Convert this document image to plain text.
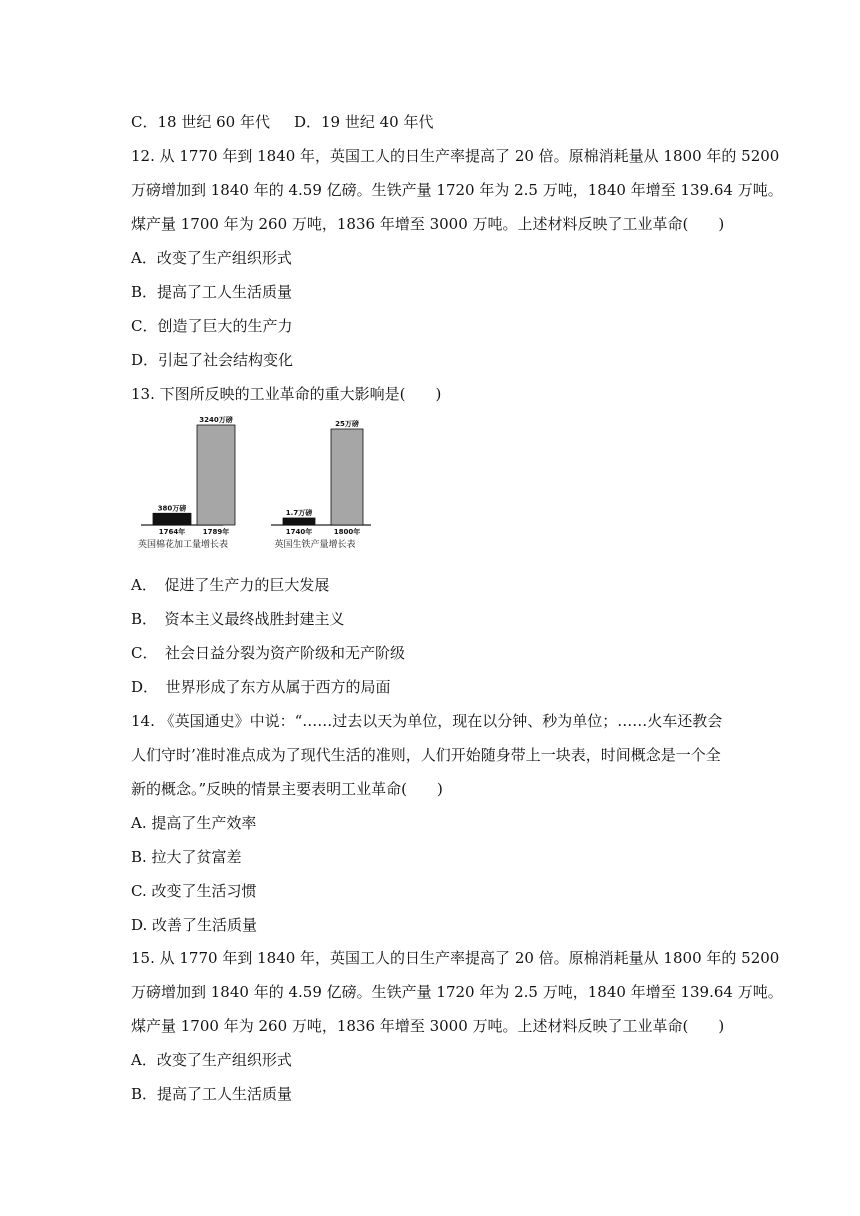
C．18 世纪 60 年代 D．19 世纪 40 年代
12. 从 1770 年到 1840 年，英国工人的日生产率提高了 20 倍。原棉消耗量从 1800 年的 5200
万磅增加到 1840 年的 4.59 亿磅。生铁产量 1720 年为 2.5 万吨，1840 年增至 139.64 万吨。
煤产量 1700 年为 260 万吨，1836 年增至 3000 万吨。上述材料反映了工业革命(　　)
A．改变了生产组织形式
B．提高了工人生活质量
C．创造了巨大的生产力
D．引起了社会结构变化
13. 下图所反映的工业革命的重大影响是(　　)
380万磅
1764年
3240万磅
1789年
英国棉花加工量增长表
1.7万磅
1740年
25万磅
1800年
英国生铁产量增长表
A．　促进了生产力的巨大发展
B．　资本主义最终战胜封建主义
C．　社会日益分裂为资产阶级和无产阶级
D．　世界形成了东方从属于西方的局面
14. 《英国通史》中说：“……过去以天为单位，现在以分钟、秒为单位；……火车还教会
人们守时’准时准点成为了现代生活的准则，人们开始随身带上一块表，时间概念是一个全
新的概念。”反映的情景主要表明工业革命(　　)
A. 提高了生产效率
B. 拉大了贫富差
C. 改变了生活习惯
D. 改善了生活质量
15. 从 1770 年到 1840 年，英国工人的日生产率提高了 20 倍。原棉消耗量从 1800 年的 5200
万磅增加到 1840 年的 4.59 亿磅。生铁产量 1720 年为 2.5 万吨，1840 年增至 139.64 万吨。
煤产量 1700 年为 260 万吨，1836 年增至 3000 万吨。上述材料反映了工业革命(　　)
A．改变了生产组织形式
B．提高了工人生活质量
